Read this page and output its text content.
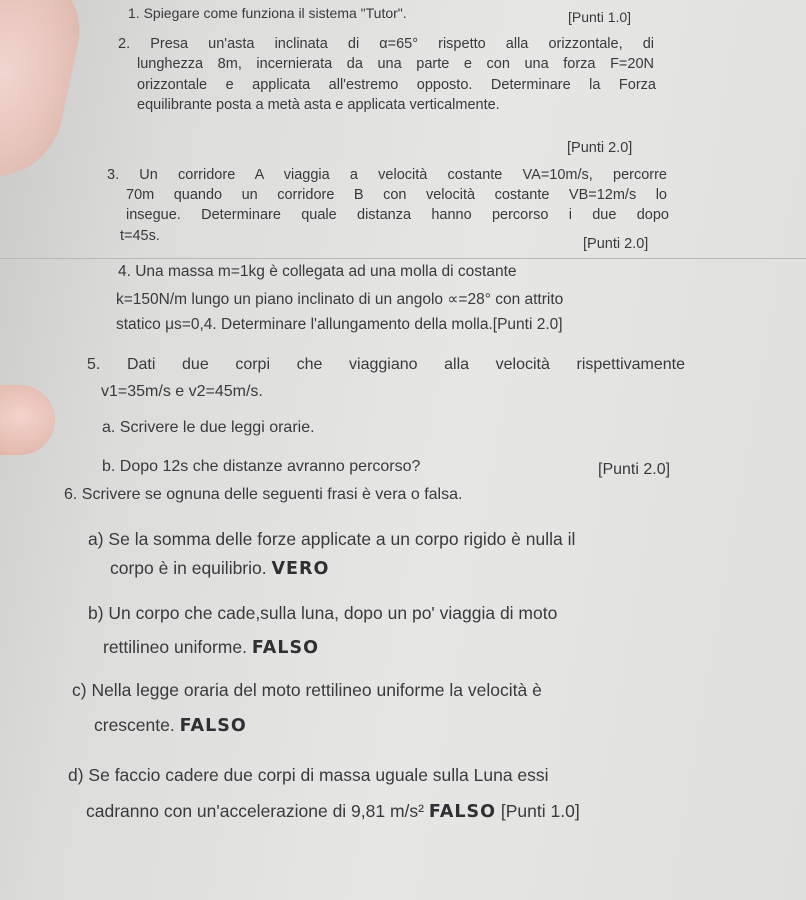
1. Spiegare come funziona il sistema "Tutor".	[Punti 1.0]
2. Presa un'asta inclinata di α=65° rispetto alla orizzontale, di
lunghezza 8m, incernierata da una parte e con una forza F=20N
orizzontale e applicata all'estremo opposto. Determinare la Forza
equilibrante posta a metà asta e applicata verticalmente.
[Punti 2.0]
3. Un corridore A viaggia a velocità costante VA=10m/s, percorre
70m quando un corridore B con velocità costante VB=12m/s lo
insegue. Determinare quale distanza hanno percorso i due dopo
t=45s.	[Punti 2.0]
4. Una massa m=1kg è collegata ad una molla di costante
k=150N/m lungo un piano inclinato di un angolo ∝=28° con attrito
statico μs=0,4. Determinare l'allungamento della molla.[Punti 2.0]
5. Dati due corpi che viaggiano alla velocità rispettivamente
v1=35m/s e v2=45m/s.
a. Scrivere le due leggi orarie.
b. Dopo 12s che distanze avranno percorso?	[Punti 2.0]
6. Scrivere se ognuna delle seguenti frasi è vera o falsa.
a) Se la somma delle forze applicate a un corpo rigido è nulla il
corpo è in equilibrio. VERO
b) Un corpo che cade,sulla luna, dopo un po' viaggia di moto
rettilineo uniforme. FALSO
c) Nella legge oraria del moto rettilineo uniforme la velocità è
crescente. FALSO
d) Se faccio cadere due corpi di massa uguale sulla Luna essi
cadranno con un'accelerazione di 9,81 m/s² FALSO [Punti 1.0]
